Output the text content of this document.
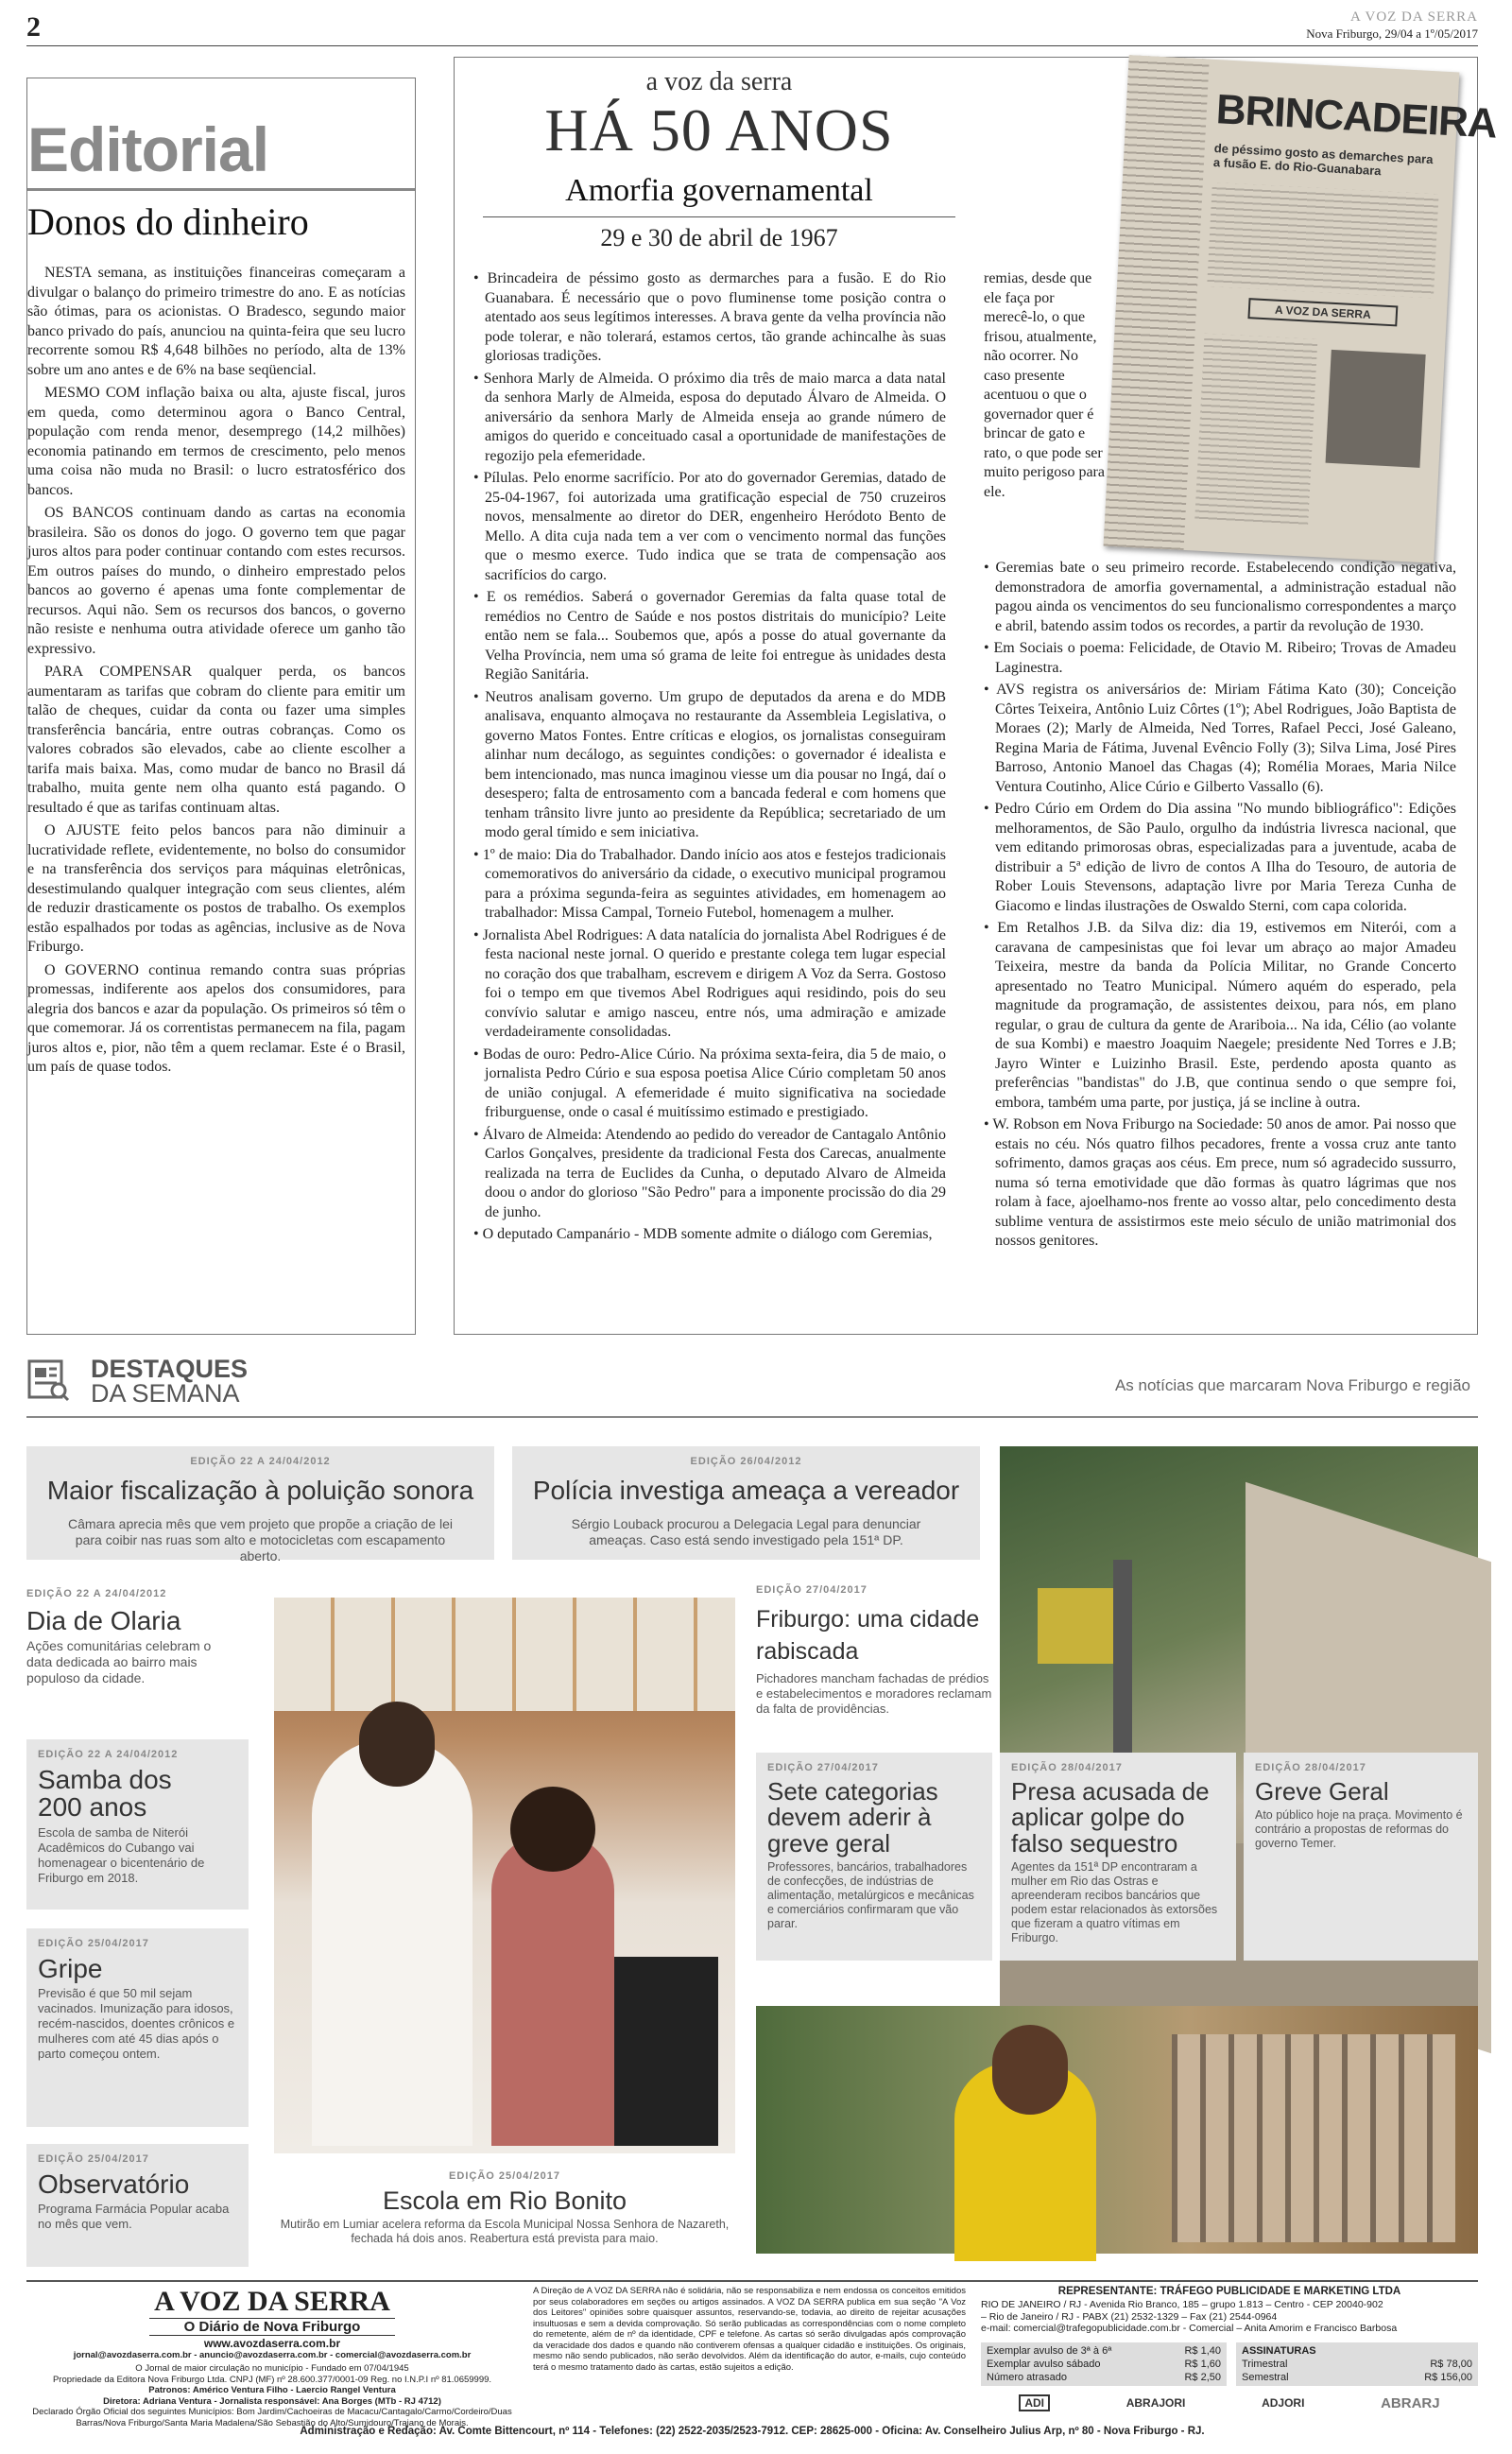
2	A VOZ DA SERRA
Nova Friburgo, 29/04 a 1º/05/2017
Editorial
Donos do dinheiro

NESTA semana, as instituições financeiras começaram a divulgar o balanço do primeiro trimestre do ano. E as notícias são ótimas, para os acionistas. O Bradesco, segundo maior banco privado do país, anunciou na quinta-feira que seu lucro recorrente somou R$ 4,648 bilhões no período, alta de 13% sobre um ano antes e de 6% na base seqüencial.

MESMO COM inflação baixa ou alta, ajuste fiscal, juros em queda, como determinou agora o Banco Central, população com renda menor, desemprego (14,2 milhões) economia patinando em termos de crescimento, pelo menos uma coisa não muda no Brasil: o lucro estratosférico dos bancos.

OS BANCOS continuam dando as cartas na economia brasileira. São os donos do jogo. O governo tem que pagar juros altos para poder continuar contando com estes recursos. Em outros países do mundo, o dinheiro emprestado pelos bancos ao governo é apenas uma fonte complementar de recursos. Aqui não. Sem os recursos dos bancos, o governo não resiste e nenhuma outra atividade oferece um ganho tão expressivo.

PARA COMPENSAR qualquer perda, os bancos aumentaram as tarifas que cobram do cliente para emitir um talão de cheques, cuidar da conta ou fazer uma simples transferência bancária, entre outras cobranças. Como os valores cobrados são elevados, cabe ao cliente escolher a tarifa mais baixa. Mas, como mudar de banco no Brasil dá trabalho, muita gente nem olha quanto está pagando. O resultado é que as tarifas continuam altas.

O AJUSTE feito pelos bancos para não diminuir a lucratividade reflete, evidentemente, no bolso do consumidor e na transferência dos serviços para máquinas eletrônicas, desestimulando qualquer integração com seus clientes, além de reduzir drasticamente os postos de trabalho. Os exemplos estão espalhados por todas as agências, inclusive as de Nova Friburgo.

O GOVERNO continua remando contra suas próprias promessas, indiferente aos apelos dos consumidores, para alegria dos bancos e azar da população. Os primeiros só têm o que comemorar. Já os correntistas permanecem na fila, pagam juros altos e, pior, não têm a quem reclamar. Este é o Brasil, um país de quase todos.

a voz da serra
HÁ 50 ANOS
Amorfia governamental
29 e 30 de abril de 1967
BRINCADEIRA
de péssimo gosto as demarches para a fusão E. do Rio-Guanabara
A VOZ DA SERRA

• Brincadeira de péssimo gosto as dermarches para a fusão. E do Rio Guanabara. É necessário que o povo fluminense tome posição contra o atentado aos seus legítimos interesses. A brava gente da velha província não pode tolerar, e não tolerará, estamos certos, tão grande achincalhe às suas gloriosas tradições.

• Senhora Marly de Almeida. O próximo dia três de maio marca a data natal da senhora Marly de Almeida, esposa do deputado Álvaro de Almeida. O aniversário da senhora Marly de Almeida enseja ao grande número de amigos do querido e conceituado casal a oportunidade de manifestações de regozijo pela efemeridade.

• Pílulas. Pelo enorme sacrifício. Por ato do governador Geremias, datado de 25-04-1967, foi autorizada uma gratificação especial de 750 cruzeiros novos, mensalmente ao diretor do DER, engenheiro Heródoto Bento de Mello. A dita cuja nada tem a ver com o vencimento normal das funções que o mesmo exerce. Tudo indica que se trata de compensação aos sacrifícios do cargo.

• E os remédios. Saberá o governador Geremias da falta quase total de remédios no Centro de Saúde e nos postos distritais do município? Leite então nem se fala... Soubemos que, após a posse do atual governante da Velha Província, nem uma só grama de leite foi entregue às unidades desta Região Sanitária.

• Neutros analisam governo. Um grupo de deputados da arena e do MDB analisava, enquanto almoçava no restaurante da Assembleia Legislativa, o governo Matos Fontes. Entre críticas e elogios, os jornalistas conseguiram alinhar num decálogo, as seguintes condições: o governador é idealista e bem intencionado, mas nunca imaginou viesse um dia pousar no Ingá, daí o desespero; falta de entrosamento com a bancada federal e com homens que tenham trânsito livre junto ao presidente da República; secretariado de um modo geral tímido e sem iniciativa.

• 1º de maio: Dia do Trabalhador. Dando início aos atos e festejos tradicionais comemorativos do aniversário da cidade, o executivo municipal programou para a próxima segunda-feira as seguintes atividades, em homenagem ao trabalhador: Missa Campal, Torneio Futebol, homenagem a mulher.

• Jornalista Abel Rodrigues: A data natalícia do jornalista Abel Rodrigues é de festa nacional neste jornal. O querido e prestante colega tem lugar especial no coração dos que trabalham, escrevem e dirigem A Voz da Serra. Gostoso foi o tempo em que tivemos Abel Rodrigues aqui residindo, pois do seu convívio salutar e amigo nasceu, entre nós, uma admiração e amizade verdadeiramente consolidadas.

• Bodas de ouro: Pedro-Alice Cúrio. Na próxima sexta-feira, dia 5 de maio, o jornalista Pedro Cúrio e sua esposa poetisa Alice Cúrio completam 50 anos de união conjugal. A efemeridade é muito significativa na sociedade friburguense, onde o casal é muitíssimo estimado e prestigiado.

• Álvaro de Almeida: Atendendo ao pedido do vereador de Cantagalo Antônio Carlos Gonçalves, presidente da tradicional Festa dos Carecas, anualmente realizada na terra de Euclides da Cunha, o deputado Alvaro de Almeida doou o andor do glorioso "São Pedro" para a imponente procissão do dia 29 de junho.

• O deputado Campanário - MDB somente admite o diálogo com Geremias,

remias, desde que ele faça por merecê-lo, o que frisou, atualmente, não ocorrer. No caso presente acentuou o que o governador quer é brincar de gato e rato, o que pode ser muito perigoso para ele.

• Geremias bate o seu primeiro recorde. Estabelecendo condição negativa, demonstradora de amorfia governamental, a administração estadual não pagou ainda os vencimentos do seu funcionalismo correspondentes a março e abril, batendo assim todos os recordes, a partir da revolução de 1930.

• Em Sociais o poema: Felicidade, de Otavio M. Ribeiro; Trovas de Amadeu Laginestra.

• AVS registra os aniversários de: Miriam Fátima Kato (30); Conceição Côrtes Teixeira, Antônio Luiz Côrtes (1º); Abel Rodrigues, João Baptista de Moraes (2); Marly de Almeida, Ned Torres, Rafael Pecci, José Galeano, Regina Maria de Fátima, Juvenal Evêncio Folly (3); Silva Lima, José Pires Barroso, Antonio Manoel das Chagas (4); Romélia Moraes, Maria Nilce Ventura Coutinho, Alice Cúrio e Gilberto Vassallo (6).

• Pedro Cúrio em Ordem do Dia assina "No mundo bibliográfico": Edições melhoramentos, de São Paulo, orgulho da indústria livresca nacional, que vem editando primorosas obras, especializadas para a juventude, acaba de distribuir a 5ª edição de livro de contos A Ilha do Tesouro, de autoria de Rober Louis Stevensons, adaptação livre por Maria Tereza Cunha de Giacomo e lindas ilustrações de Oswaldo Sterni, com capa colorida.

• Em Retalhos J.B. da Silva diz: dia 19, estivemos em Niterói, com a caravana de campesinistas que foi levar um abraço ao major Amadeu Teixeira, mestre da banda da Polícia Militar, no Grande Concerto apresentado no Teatro Municipal. Número aquém do esperado, pela magnitude da programação, de assistentes deixou, para nós, em plano regular, o grau de cultura da gente de Arariboia... Na ida, Célio (ao volante de sua Kombi) e maestro Joaquim Naegele; presidente Ned Torres e J.B; Jayro Winter e Luizinho Brasil. Este, perdendo aposta quanto as preferências "bandistas" do J.B, que continua sendo o que sempre foi, embora, também uma parte, por justiça, já se incline à outra.

• W. Robson em Nova Friburgo na Sociedade: 50 anos de amor. Pai nosso que estais no céu. Nós quatro filhos pecadores, frente a vossa cruz ante tanto sofrimento, damos graças aos céus. Em prece, num só agradecido sussurro, numa só terna emotividade que dão formas às quatro lágrimas que nos rolam à face, ajoelhamo-nos frente ao vosso altar, pelo concedimento desta sublime ventura de assistirmos este meio século de união matrimonial dos nossos genitores.

DESTAQUES
DA SEMANA	As notícias que marcaram Nova Friburgo e região
EDIÇÃO 22 A 24/04/2012
Maior fiscalização à poluição sonora
Câmara aprecia mês que vem projeto que propõe a criação de lei para coibir nas ruas som alto e motocicletas com escapamento aberto.
EDIÇÃO 26/04/2012
Polícia investiga ameaça a vereador
Sérgio Louback procurou a Delegacia Legal para denunciar ameaças. Caso está sendo investigado pela 151ª DP.
EDIÇÃO 22 A 24/04/2012
Dia de Olaria
Ações comunitárias celebram o data dedicada ao bairro mais populoso da cidade.
EDIÇÃO 22 A 24/04/2012
Samba dos 200 anos
Escola de samba de Niterói Acadêmicos do Cubango vai homenagear o bicentenário de Friburgo em 2018.
EDIÇÃO 25/04/2017
Gripe
Previsão é que 50 mil sejam vacinados. Imunização para idosos, recém-nascidos, doentes crônicos e mulheres com até 45 dias após o parto começou ontem.
EDIÇÃO 25/04/2017
Observatório
Programa Farmácia Popular acaba no mês que vem.
EDIÇÃO 27/04/2017
Friburgo: uma cidade rabiscada
Pichadores mancham fachadas de prédios e estabelecimentos e moradores reclamam da falta de providências.
EDIÇÃO 27/04/2017
Sete categorias devem aderir à greve geral
Professores, bancários, trabalhadores de confecções, de indústrias de alimentação, metalúrgicos e mecânicas e comerciários confirmaram que vão parar.
EDIÇÃO 28/04/2017
Presa acusada de aplicar golpe do falso sequestro
Agentes da 151ª DP encontraram a mulher em Rio das Ostras e apreenderam recibos bancários que podem estar relacionados às extorsões que fizeram a quatro vítimas em Friburgo.
EDIÇÃO 28/04/2017
Greve Geral
Ato público hoje na praça. Movimento é contrário a propostas de reformas do governo Temer.
EDIÇÃO 25/04/2017
Escola em Rio Bonito
Mutirão em Lumiar acelera reforma da Escola Municipal Nossa Senhora de Nazareth, fechada há dois anos. Reabertura está prevista para maio.
A VOZ DA SERRA
O Diário de Nova Friburgo
www.avozdaserra.com.br
jornal@avozdaserra.com.br - anuncio@avozdaserra.com.br - comercial@avozdaserra.com.br
O Jornal de maior circulação no município - Fundado em 07/04/1945
Propriedade da Editora Nova Friburgo Ltda. CNPJ (MF) nº 28.600.377/0001-09 Reg. no I.N.P.I nº 81.0659999.
Patronos: Américo Ventura Filho - Laercio Rangel Ventura
Diretora: Adriana Ventura - Jornalista responsável: Ana Borges (MTb - RJ 4712)
Declarado Órgão Oficial dos seguintes Municípios: Bom Jardim/Cachoeiras de Macacu/Cantagalo/Carmo/Cordeiro/Duas Barras/Nova Friburgo/Santa Maria Madalena/São Sebastião do Alto/Sumidouro/Trajano de Morais.
A Direção de A VOZ DA SERRA não é solidária, não se responsabiliza e nem endossa os conceitos emitidos por seus colaboradores em seções ou artigos assinados. A VOZ DA SERRA publica em sua seção "A Voz dos Leitores" opiniões sobre quaisquer assuntos, reservando-se, todavia, ao direito de rejeitar acusações insultuosas e sem a devida comprovação. Só serão publicadas as correspondências com o nome completo do remetente, além de nº da identidade, CPF e telefone. As cartas só serão divulgadas após comprovação da veracidade dos dados e quando não contiverem ofensas a qualquer cidadão e instituições. Os originais, mesmo não sendo publicados, não serão devolvidos. Além da identificação do autor, e-mails, cujo conteúdo terá o mesmo tratamento dado às cartas, estão sujeitos a edição.
REPRESENTANTE: TRÁFEGO PUBLICIDADE E MARKETING LTDA
RIO DE JANEIRO / RJ - Avenida Rio Branco, 185 – grupo 1.813 – Centro - CEP 20040-902
– Rio de Janeiro / RJ - PABX (21) 2532-1329 – Fax (21) 2544-0964
e-mail: comercial@trafegopublicidade.com.br - Comercial – Anita Amorim e Francisco Barbosa
Exemplar avulso de 3ª à 6ª	R$ 1,40
Exemplar avulso sábado	R$ 1,60
Número atrasado	R$ 2,50
ASSINATURAS
Trimestral	R$ 78,00
Semestral	R$ 156,00
ADI	ABRAJORI	ADJORI	ABRARJ
Administração e Redação: Av. Comte Bittencourt, nº 114 - Telefones: (22) 2522-2035/2523-7912. CEP: 28625-000 - Oficina: Av. Conselheiro Julius Arp, nº 80 - Nova Friburgo - RJ.
